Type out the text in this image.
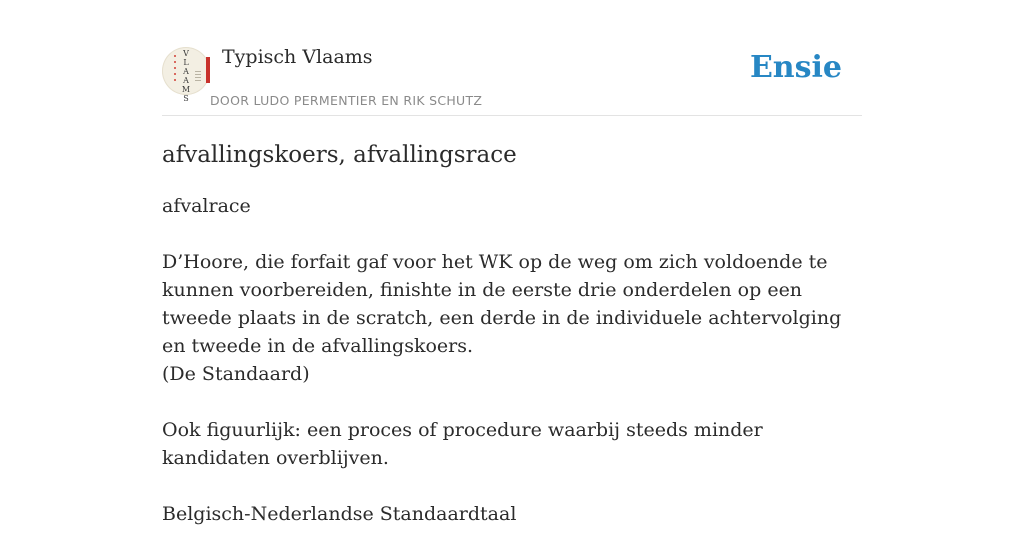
V
L
A
A
M
S
Typisch Vlaams
DOOR LUDO PERMENTIER EN RIK SCHUTZ
Ensie
afvallingskoers, afvallingsrace

afvalrace

D’Hoore, die forfait gaf voor het WK op de weg om zich voldoende te kunnen voorbereiden, finishte in de eerste drie onderdelen op een tweede plaats in de scratch, een derde in de individuele achtervolging en tweede in de afvallingskoers.
(De Standaard)

Ook figuurlijk: een proces of procedure waarbij steeds minder kandidaten overblijven.

Belgisch-Nederlandse Standaardtaal
